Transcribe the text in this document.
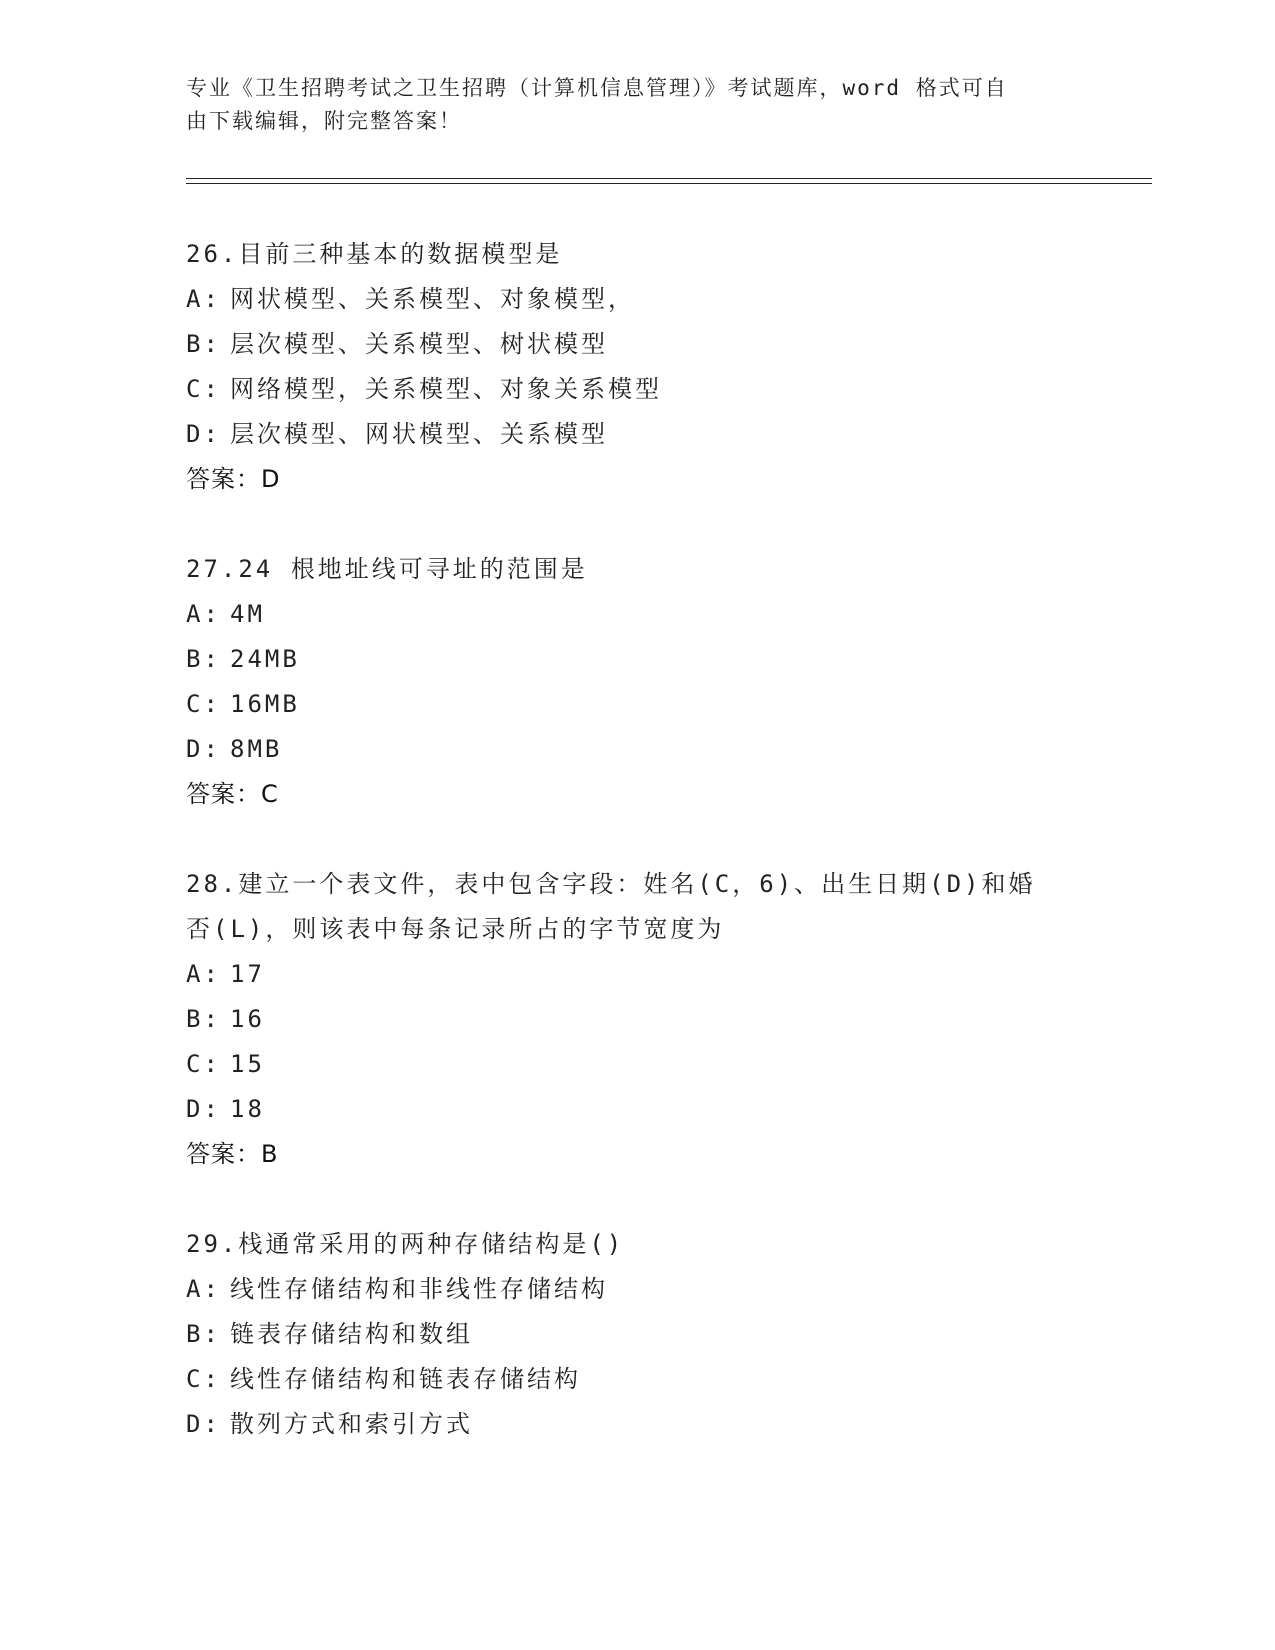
专业《卫生招聘考试之卫生招聘（计算机信息管理）》考试题库，word 格式可自
由下载编辑，附完整答案！

26.目前三种基本的数据模型是

A: 网状模型、关系模型、对象模型，

B: 层次模型、关系模型、树状模型

C: 网络模型，关系模型、对象关系模型

D: 层次模型、网状模型、关系模型

答案：D

27.24 根地址线可寻址的范围是

A: 4M

B: 24MB

C: 16MB

D: 8MB

答案：C

28.建立一个表文件，表中包含字段：姓名(C，6)、出生日期(D)和婚

否(L)，则该表中每条记录所占的字节宽度为

A: 17

B: 16

C: 15

D: 18

答案：B

29.栈通常采用的两种存储结构是()

A: 线性存储结构和非线性存储结构

B: 链表存储结构和数组

C: 线性存储结构和链表存储结构

D: 散列方式和索引方式
